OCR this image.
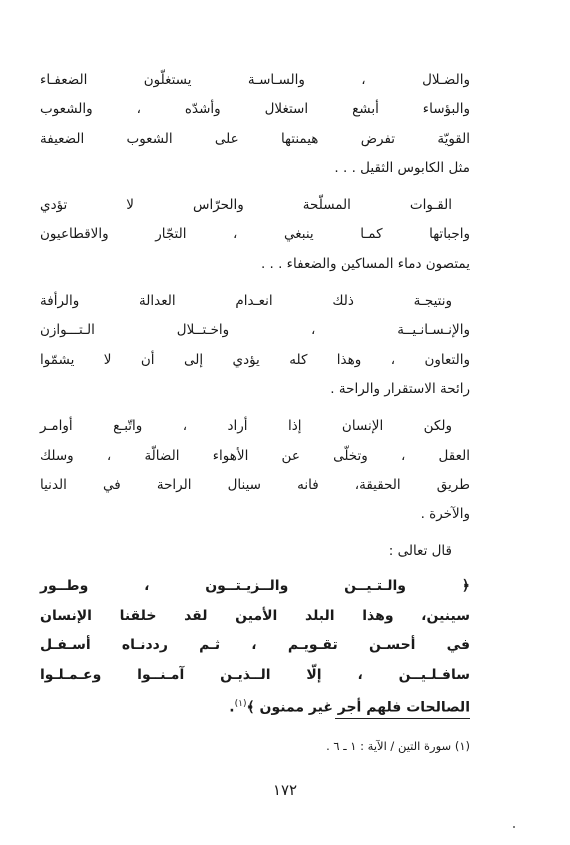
والضـلال ، والسـاسـة يستغلّون الضعفـاء
والبؤساء أبشع استغلال وأشدّه ، والشعوب
القويّة تفرض هيمنتها على الشعوب الضعيفة
مثل الكابوس الثقيل . . .

القـوات المسلّحة والحرّاس لا تؤدي
واجباتها كمـا ينبغي ، التجّار والاقطاعيون
يمتصون دماء المساكين والضعفاء . . .

ونتيجـة ذلك انعـدام العدالة والرأفة
والإنـسـانـيــة ، واخـتــلال الـتـــوازن
والتعاون ، وهذا كله يؤدي إلى أن لا يشمّوا
رائحة الاستقرار والراحة .

ولكن الإنسان إذا أراد ، واتّبـع أوامـر
العقل ، وتخلّى عن الأهواء الضالّة ، وسلك
طريق الحقيقة، فانه سينال الراحة في الدنيا
والآخرة .

قال تعالى :

﴿ والـتـيــن والــزيـتــون ، وطــور
سينين، وهذا البلد الأمين لقد خلقنا الإنسان
في أحسـن تقـويـم ، ثـم رددنـاه أسـفـل
سافـلـيــن ، إلّا الــذيـن آمـنــوا وعـمـلـوا
الصالحات فلهم أجر غير ممنون ﴾$^{(١)}$.

(١) سورة التين / الآية : ١ ـ ٦ .
١٧٢
